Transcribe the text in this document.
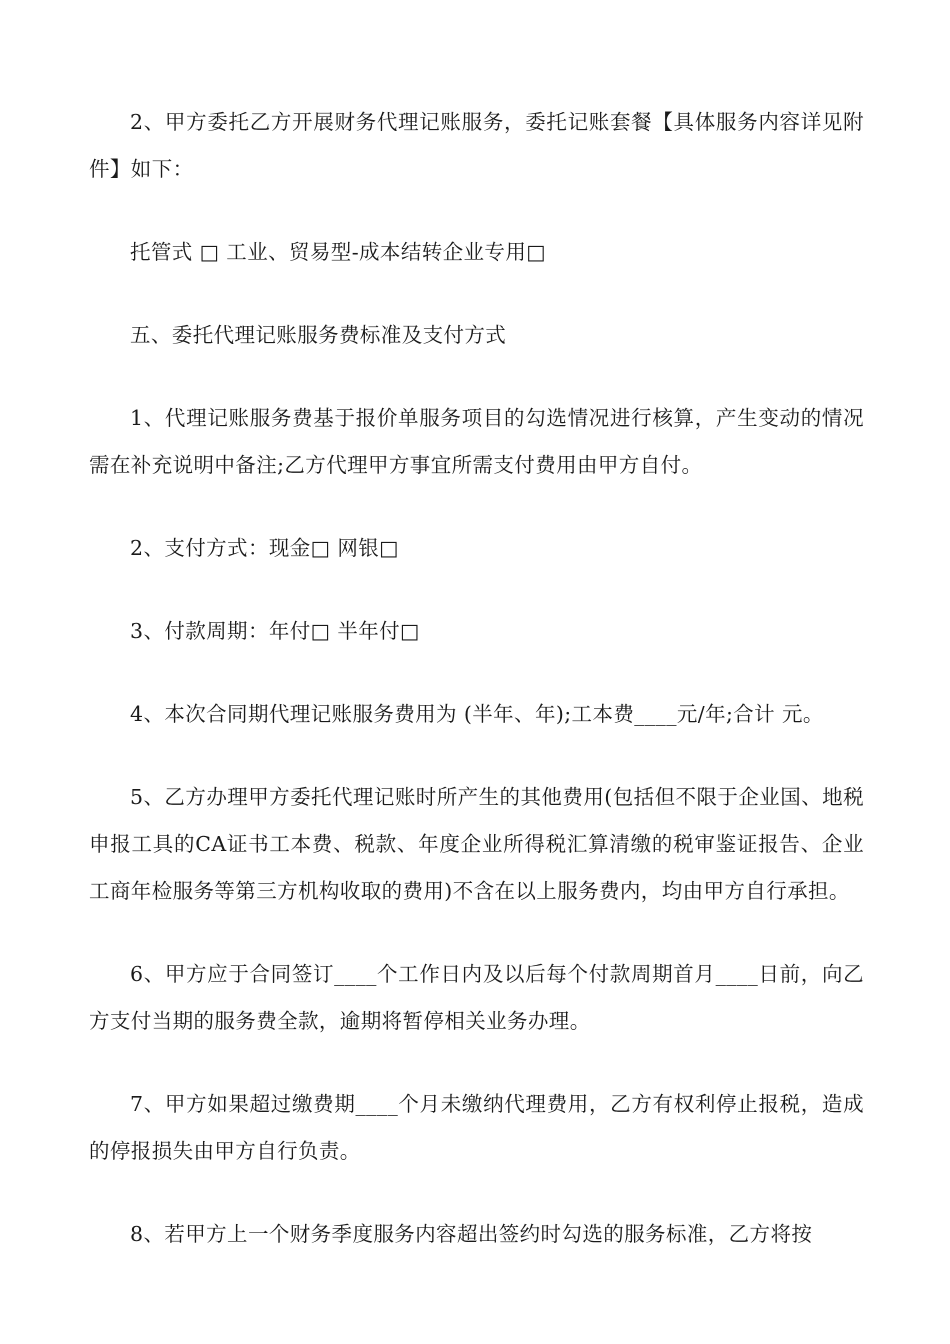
2、甲方委托乙方开展财务代理记账服务，委托记账套餐【具体服务内容详见附件】如下：

托管式 □ 工业、贸易型-成本结转企业专用□

五、委托代理记账服务费标准及支付方式

1、代理记账服务费基于报价单服务项目的勾选情况进行核算，产生变动的情况需在补充说明中备注;乙方代理甲方事宜所需支付费用由甲方自付。

2、支付方式：现金□ 网银□

3、付款周期：年付□ 半年付□

4、本次合同期代理记账服务费用为 (半年、年);工本费____元/年;合计 元。

5、乙方办理甲方委托代理记账时所产生的其他费用(包括但不限于企业国、地税申报工具的CA证书工本费、税款、年度企业所得税汇算清缴的税审鉴证报告、企业工商年检服务等第三方机构收取的费用)不含在以上服务费内，均由甲方自行承担。

6、甲方应于合同签订____个工作日内及以后每个付款周期首月____日前，向乙方支付当期的服务费全款，逾期将暂停相关业务办理。

7、甲方如果超过缴费期____个月未缴纳代理费用，乙方有权利停止报税，造成的停报损失由甲方自行负责。

8、若甲方上一个财务季度服务内容超出签约时勾选的服务标准，乙方将按
